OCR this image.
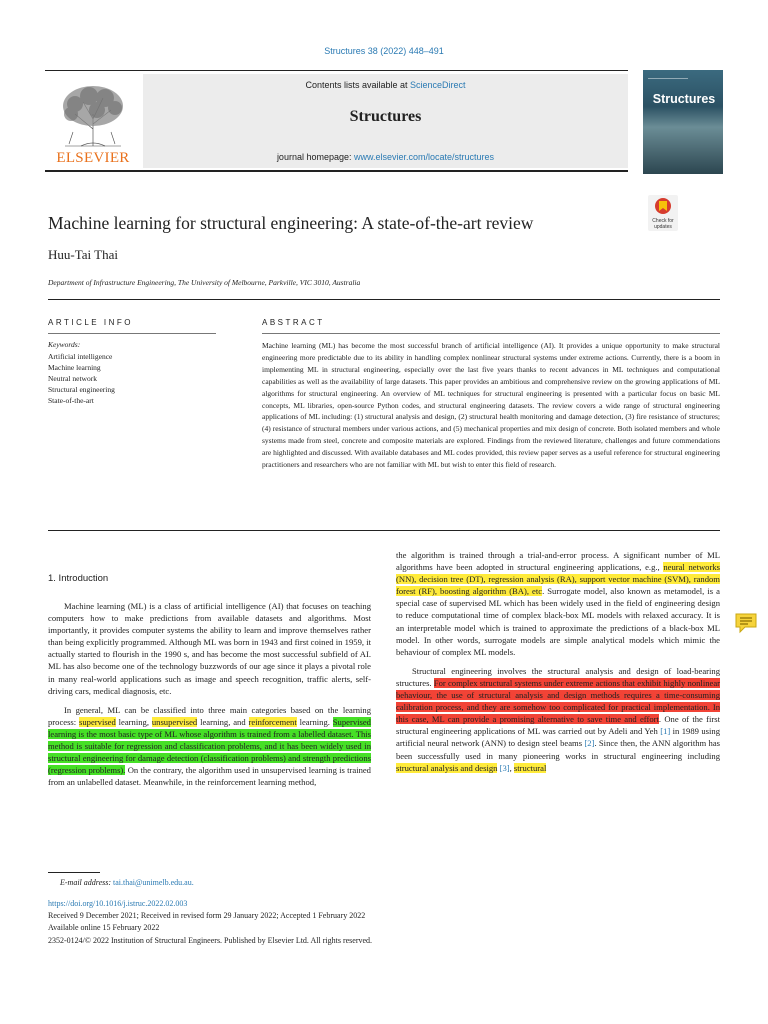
Structures 38 (2022) 448–491
ELSEVIER
Contents lists available at ScienceDirect
Structures
journal homepage: www.elsevier.com/locate/structures
Structures
Check for
updates
Machine learning for structural engineering: A state-of-the-art review
Huu-Tai Thai
Department of Infrastructure Engineering, The University of Melbourne, Parkville, VIC 3010, Australia
ARTICLE INFO
Keywords:
Artificial intelligence
Machine learning
Neutral network
Structural engineering
State-of-the-art
ABSTRACT
Machine learning (ML) has become the most successful branch of artificial intelligence (AI). It provides a unique opportunity to make structural engineering more predictable due to its ability in handling complex nonlinear structural systems under extreme actions. Currently, there is a boom in implementing ML in structural engineering, especially over the last five years thanks to recent advances in ML techniques and computational capabilities as well as the availability of large datasets. This paper provides an ambitious and comprehensive review on the growing applications of ML algorithms for structural engineering. An overview of ML techniques for structural engineering is presented with a particular focus on basic ML concepts, ML libraries, open-source Python codes, and structural engineering datasets. The review covers a wide range of structural engineering applications of ML including: (1) structural analysis and design, (2) structural health monitoring and damage detection, (3) fire resistance of structures; (4) resistance of structural members under various actions, and (5) mechanical properties and mix design of concrete. Both isolated members and whole systems made from steel, concrete and composite materials are explored. Findings from the reviewed literature, challenges and future commendations are highlighted and discussed. With available databases and ML codes provided, this review paper serves as a useful reference for structural engineering practitioners and researchers who are not familiar with ML but wish to enter this field of research.
1. Introduction

Machine learning (ML) is a class of artificial intelligence (AI) that focuses on teaching computers how to make predictions from available datasets and algorithms. Most importantly, it provides computer systems the ability to learn and improve themselves rather than being explicitly programmed. Although ML was born in 1943 and first coined in 1959, it actually started to flourish in the 1990 s, and has become the most successful subfield of AI. ML has also become one of the technology buzzwords of our age since it plays a pivotal role in many real-world applications such as image and speech recognition, traffic alerts, self-driving cars, medical diagnosis, etc.

In general, ML can be classified into three main categories based on the learning process: supervised learning, unsupervised learning, and reinforcement learning. Supervised learning is the most basic type of ML whose algorithm is trained from a labelled dataset. This method is suitable for regression and classification problems, and it has been widely used in structural engineering for damage detection (classification problems) and strength predictions (regression problems). On the contrary, the algorithm used in unsupervised learning is trained from an unlabelled dataset. Meanwhile, in the reinforcement learning method,

the algorithm is trained through a trial-and-error process. A significant number of ML algorithms have been adopted in structural engineering applications, e.g., neural networks (NN), decision tree (DT), regression analysis (RA), support vector machine (SVM), random forest (RF), boosting algorithm (BA), etc. Surrogate model, also known as metamodel, is a special case of supervised ML which has been widely used in the field of engineering design to reduce computational time of complex black-box ML models with relaxed accuracy. It is an interpretable model which is trained to approximate the predictions of a black-box ML model. In other words, surrogate models are simple analytical models which mimic the behaviour of complex ML models.

Structural engineering involves the structural analysis and design of load-bearing structures. For complex structural systems under extreme actions that exhibit highly nonlinear behaviour, the use of structural analysis and design methods requires a time-consuming calibration process, and they are somehow too complicated for practical implementation. In this case, ML can provide a promising alternative to save time and effort. One of the first structural engineering applications of ML was carried out by Adeli and Yeh [1] in 1989 using artificial neural network (ANN) to design steel beams [2]. Since then, the ANN algorithm has been successfully used in many pioneering works in structural engineering including structural analysis and design [3], structural

E-mail address: tai.thai@unimelb.edu.au.
https://doi.org/10.1016/j.istruc.2022.02.003
Received 9 December 2021; Received in revised form 29 January 2022; Accepted 1 February 2022
Available online 15 February 2022
2352-0124/© 2022 Institution of Structural Engineers. Published by Elsevier Ltd. All rights reserved.
